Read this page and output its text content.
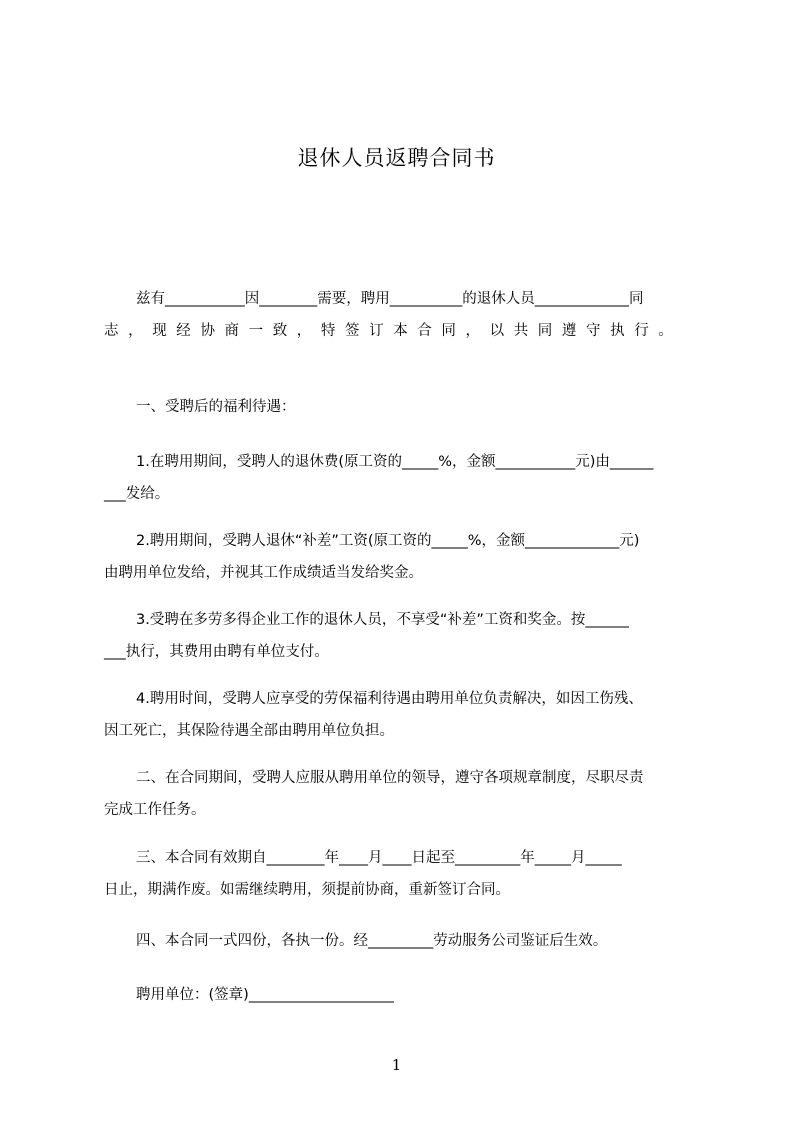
退休人员返聘合同书
兹有___________因________需要，聘用__________的退休人员_____________同
志，现经协商一致，特签订本合同，以共同遵守执行。
一、受聘后的福利待遇：
1.在聘用期间，受聘人的退休费(原工资的_____%，金额___________元)由______
___发给。
2.聘用期间，受聘人退休“补差”工资(原工资的_____%，金额_____________元)
由聘用单位发给，并视其工作成绩适当发给奖金。
3.受聘在多劳多得企业工作的退休人员，不享受“补差”工资和奖金。按______
___执行，其费用由聘有单位支付。
4.聘用时间，受聘人应享受的劳保福利待遇由聘用单位负责解决，如因工伤残、
因工死亡，其保险待遇全部由聘用单位负担。
二、在合同期间，受聘人应服从聘用单位的领导，遵守各项规章制度，尽职尽责
完成工作任务。
三、本合同有效期自________年____月____日起至_________年_____月_____
日止，期满作废。如需继续聘用，须提前协商，重新签订合同。
四、本合同一式四份，各执一份。经_________劳动服务公司鉴证后生效。
聘用单位：(签章)____________________
1
